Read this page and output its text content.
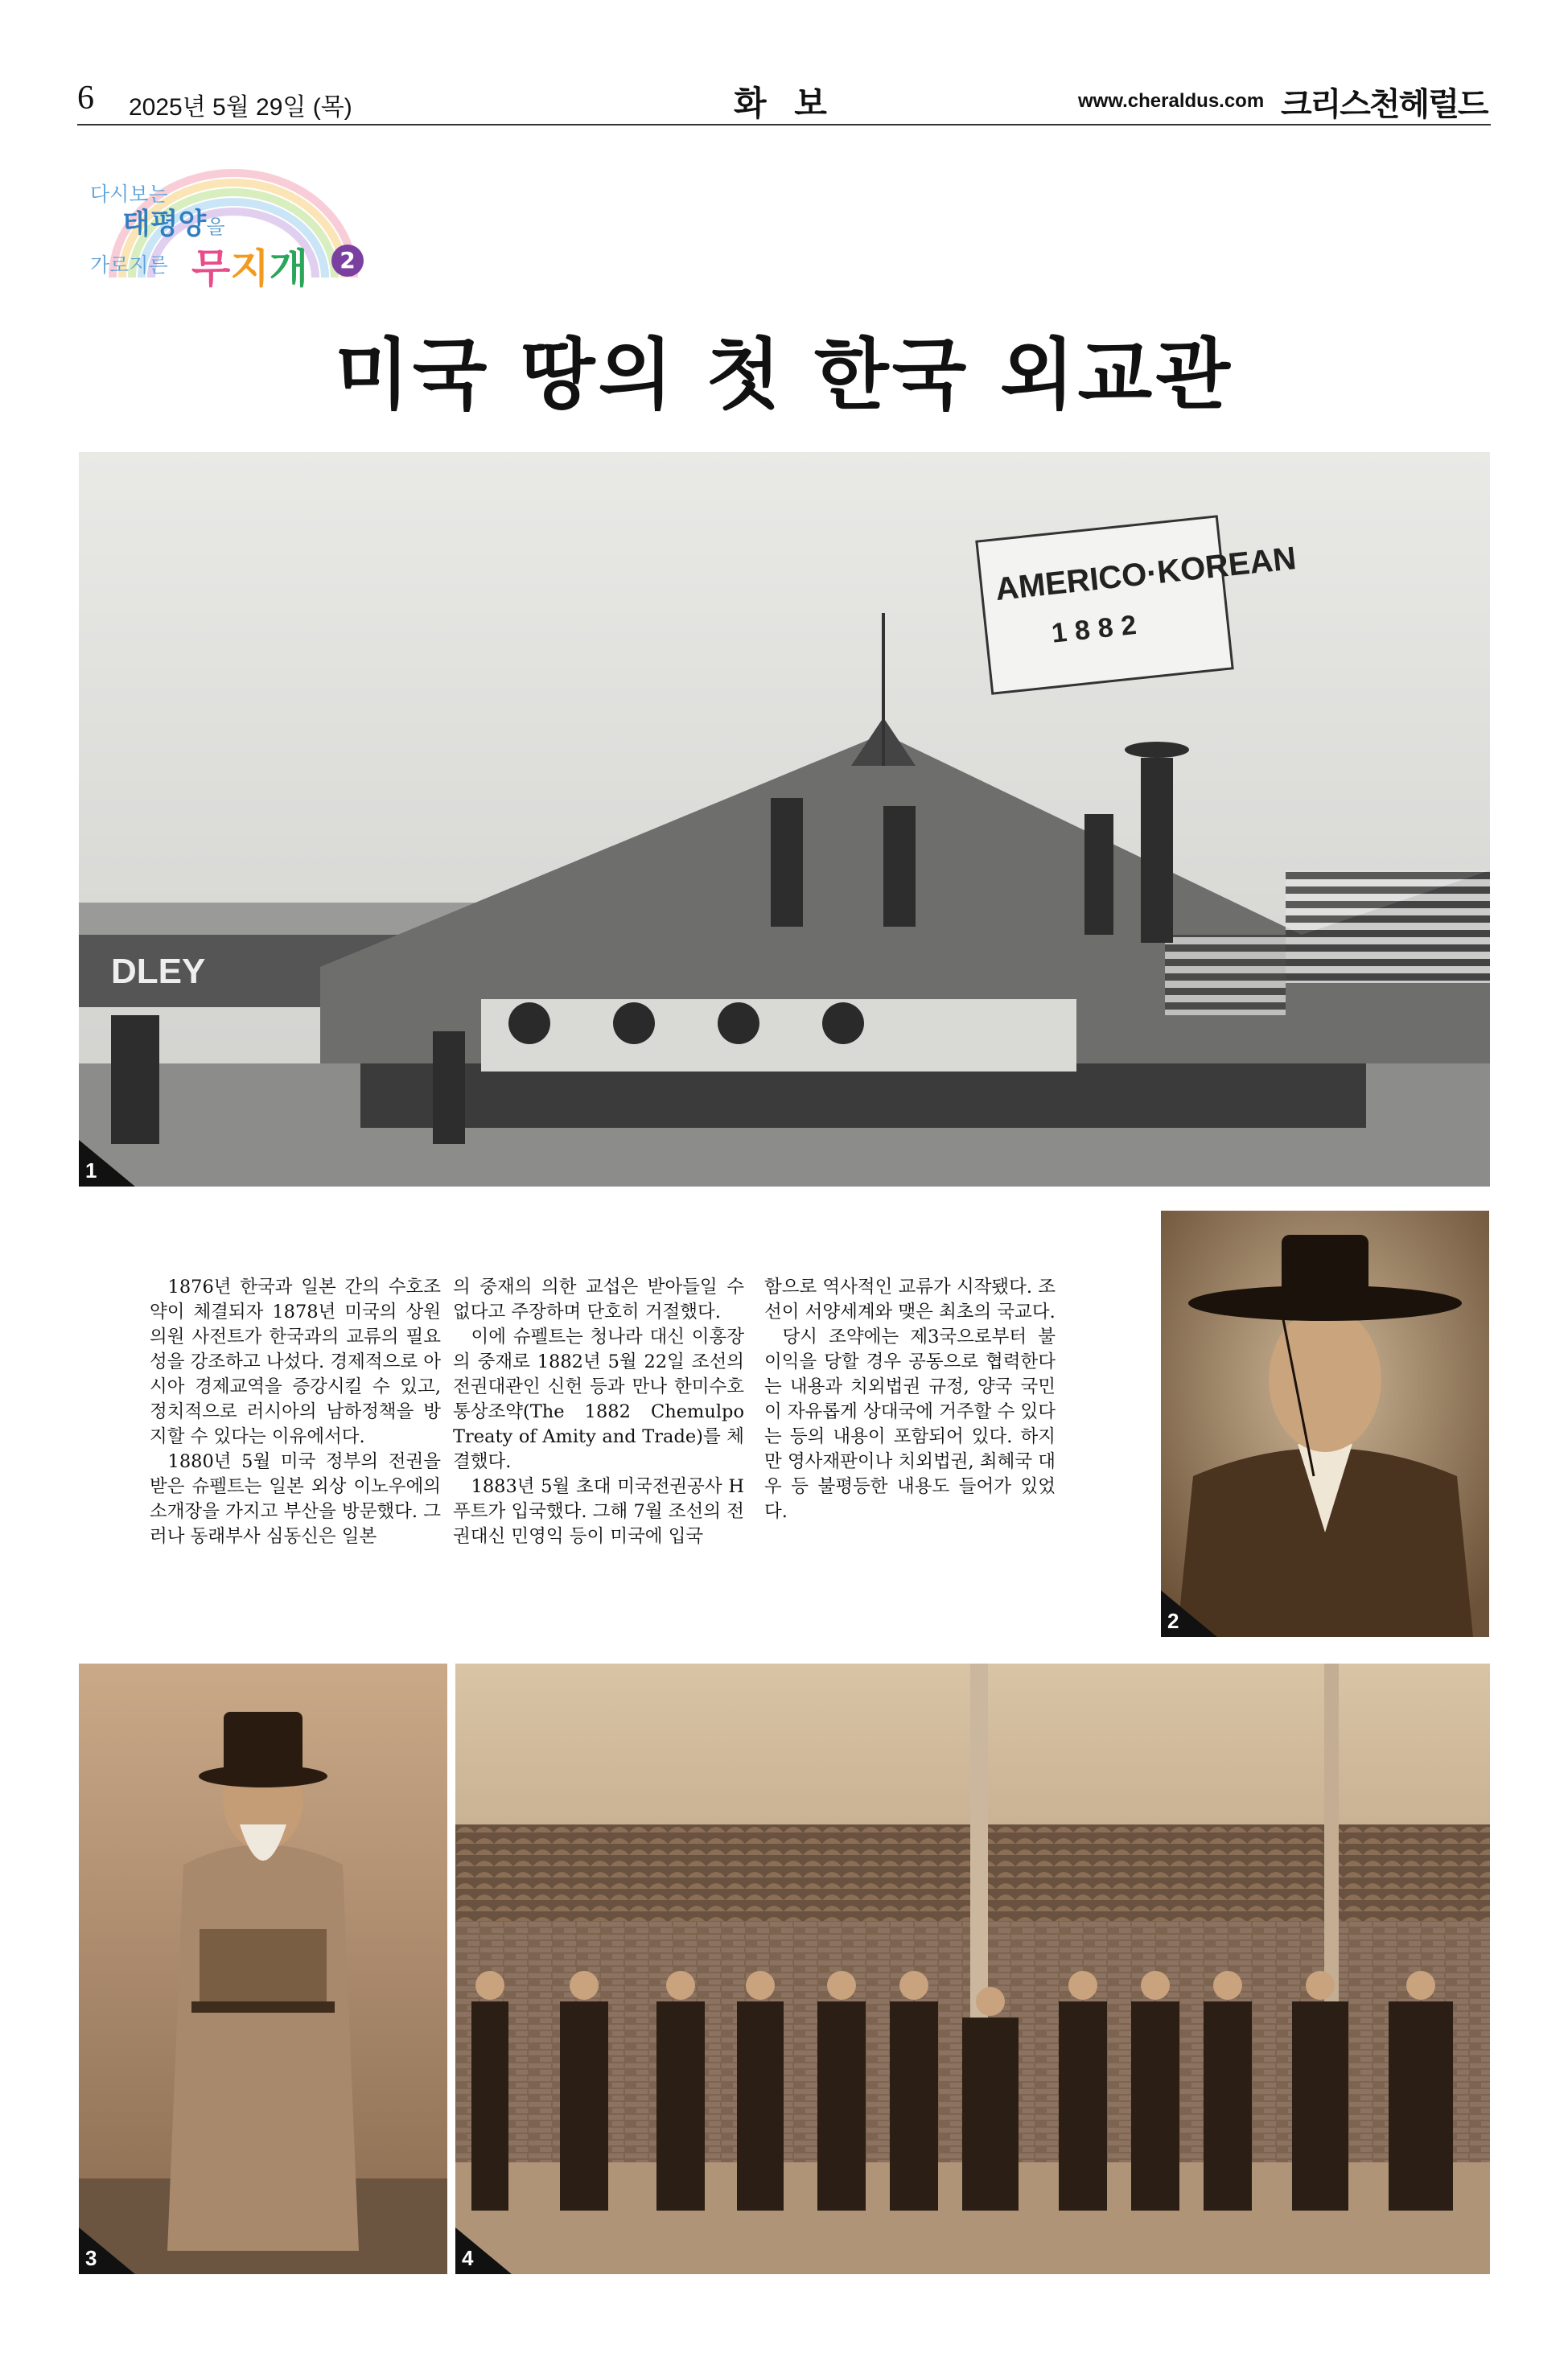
6 2025년 5월 29일 (목)	화 보	www.cheraldus.com 크리스천헤럴드
다시보는
태평양을
가로지른 무지개	2
미국 땅의 첫 한국 외교관
AMERICO·KOREAN
1882
DLEY
1

1876년 한국과 일본 간의 수호조약이 체결되자 1878년 미국의 상원의원 사전트가 한국과의 교류의 필요성을 강조하고 나섰다. 경제적으로 아시아 경제교역을 증강시킬 수 있고, 정치적으로 러시아의 남하정책을 방지할 수 있다는 이유에서다.

1880년 5월 미국 정부의 전권을 받은 슈펠트는 일본 외상 이노우에의 소개장을 가지고 부산을 방문했다. 그러나 동래부사 심동신은 일본

의 중재의 의한 교섭은 받아들일 수 없다고 주장하며 단호히 거절했다.

이에 슈펠트는 청나라 대신 이홍장의 중재로 1882년 5월 22일 조선의 전권대관인 신헌 등과 만나 한미수호통상조약(The 1882 Chemulpo Treaty of Amity and Trade)를 체결했다.

1883년 5월 초대 미국전권공사 H 푸트가 입국했다. 그해 7월 조선의 전권대신 민영익 등이 미국에 입국

함으로 역사적인 교류가 시작됐다. 조선이 서양세계와 맺은 최초의 국교다.

당시 조약에는 제3국으로부터 불이익을 당할 경우 공동으로 협력한다는 내용과 치외법권 규정, 양국 국민이 자유롭게 상대국에 거주할 수 있다는 등의 내용이 포함되어 있다. 하지만 영사재판이나 치외법권, 최혜국 대우 등 불평등한 내용도 들어가 있었다.

2
3	4
